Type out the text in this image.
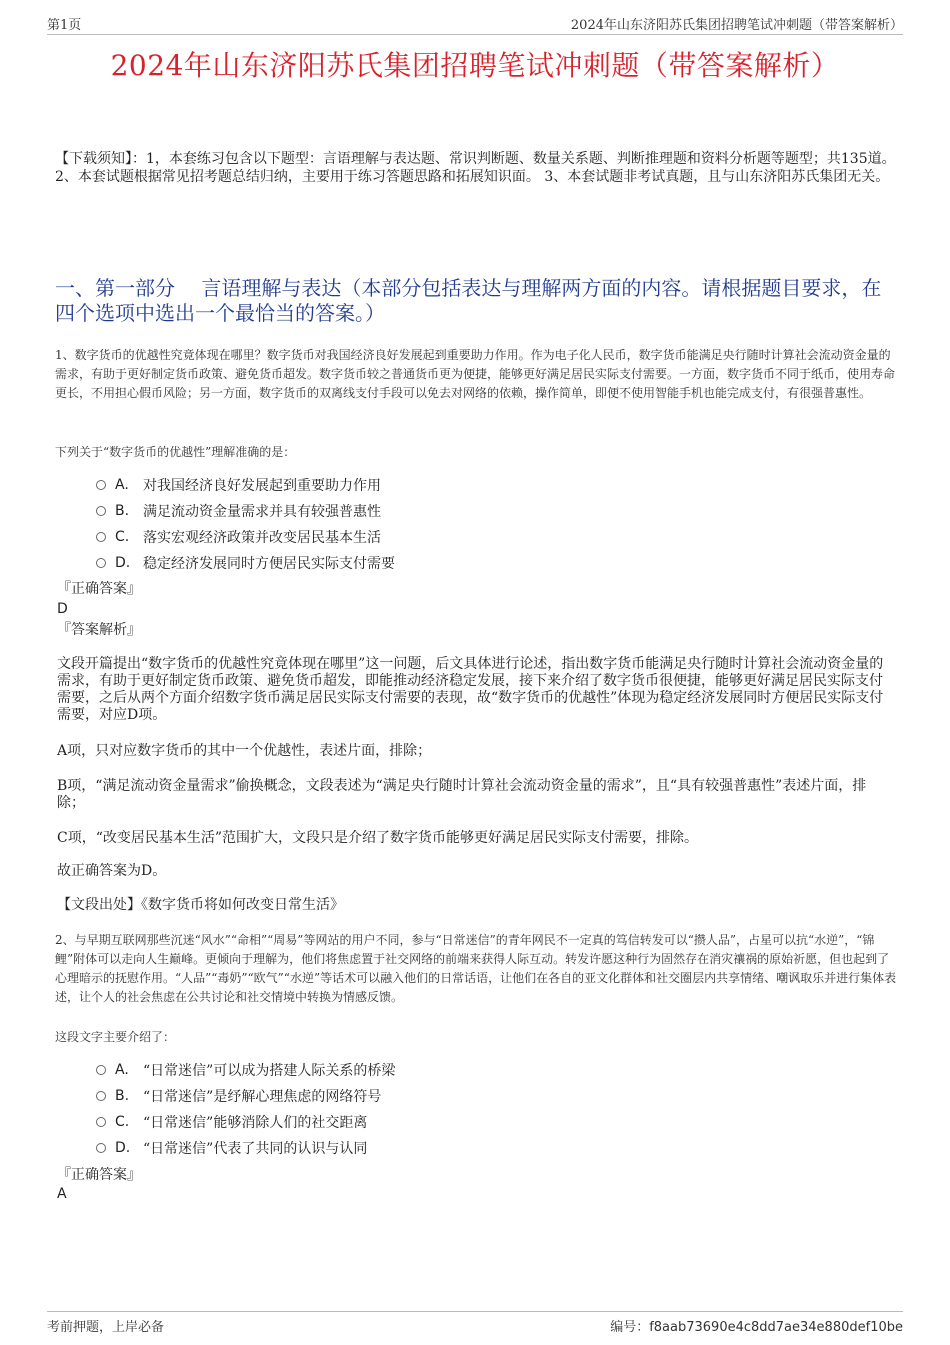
第1页	2024年山东济阳苏氏集团招聘笔试冲刺题（带答案解析）
2024年山东济阳苏氏集团招聘笔试冲刺题（带答案解析）
【下载须知】：1，本套练习包含以下题型：言语理解与表达题、常识判断题、数量关系题、判断推理题和资料分析题等题型；共135道。 2、本套试题根据常见招考题总结归纳，主要用于练习答题思路和拓展知识面。 3、本套试题非考试真题，且与山东济阳苏氏集团无关。
一、第一部分　 言语理解与表达（本部分包括表达与理解两方面的内容。请根据题目要求，在四个选项中选出一个最恰当的答案。）
1、数字货币的优越性究竟体现在哪里？数字货币对我国经济良好发展起到重要助力作用。作为电子化人民币，数字货币能满足央行随时计算社会流动资金量的需求，有助于更好制定货币政策、避免货币超发。数字货币较之普通货币更为便捷，能够更好满足居民实际支付需要。一方面，数字货币不同于纸币，使用寿命更长，不用担心假币风险；另一方面，数字货币的双离线支付手段可以免去对网络的依赖，操作简单，即便不使用智能手机也能完成支付，有很强普惠性。
下列关于“数字货币的优越性”理解准确的是：
A.	对我国经济良好发展起到重要助力作用
B. 满足流动资金量需求并具有较强普惠性
C. 落实宏观经济政策并改变居民基本生活
D. 稳定经济发展同时方便居民实际支付需要
『正确答案』
D
『答案解析』
文段开篇提出“数字货币的优越性究竟体现在哪里”这一问题，后文具体进行论述，指出数字货币能满足央行随时计算社会流动资金量的需求，有助于更好制定货币政策、避免货币超发，即能推动经济稳定发展，接下来介绍了数字货币很便捷，能够更好满足居民实际支付需要，之后从两个方面介绍数字货币满足居民实际支付需要的表现，故“数字货币的优越性”体现为稳定经济发展同时方便居民实际支付需要，对应D项。
A项，只对应数字货币的其中一个优越性，表述片面，排除；
B项，“满足流动资金量需求”偷换概念，文段表述为“满足央行随时计算社会流动资金量的需求”，且“具有较强普惠性”表述片面，排除；
C项，“改变居民基本生活”范围扩大，文段只是介绍了数字货币能够更好满足居民实际支付需要，排除。
故正确答案为D。
【文段出处】《数字货币将如何改变日常生活》
2、与早期互联网那些沉迷“风水”“命相”“周易”等网站的用户不同，参与“日常迷信”的青年网民不一定真的笃信转发可以“攒人品”，占星可以抗“水逆”，“锦鲤”附体可以走向人生巅峰。更倾向于理解为，他们将焦虑置于社交网络的前端来获得人际互动。转发许愿这种行为固然存在消灾禳祸的原始祈愿，但也起到了心理暗示的抚慰作用。“人品”“毒奶”“欧气”“水逆”等话术可以融入他们的日常话语，让他们在各自的亚文化群体和社交圈层内共享情绪、嘲讽取乐并进行集体表述，让个人的社会焦虑在公共讨论和社交情境中转换为情感反馈。
这段文字主要介绍了：
A.	“日常迷信”可以成为搭建人际关系的桥梁
B. “日常迷信”是纾解心理焦虑的网络符号
C. “日常迷信”能够消除人们的社交距离
D. “日常迷信”代表了共同的认识与认同
『正确答案』
A
考前押题，上岸必备	编号：f8aab73690e4c8dd7ae34e880def10be
